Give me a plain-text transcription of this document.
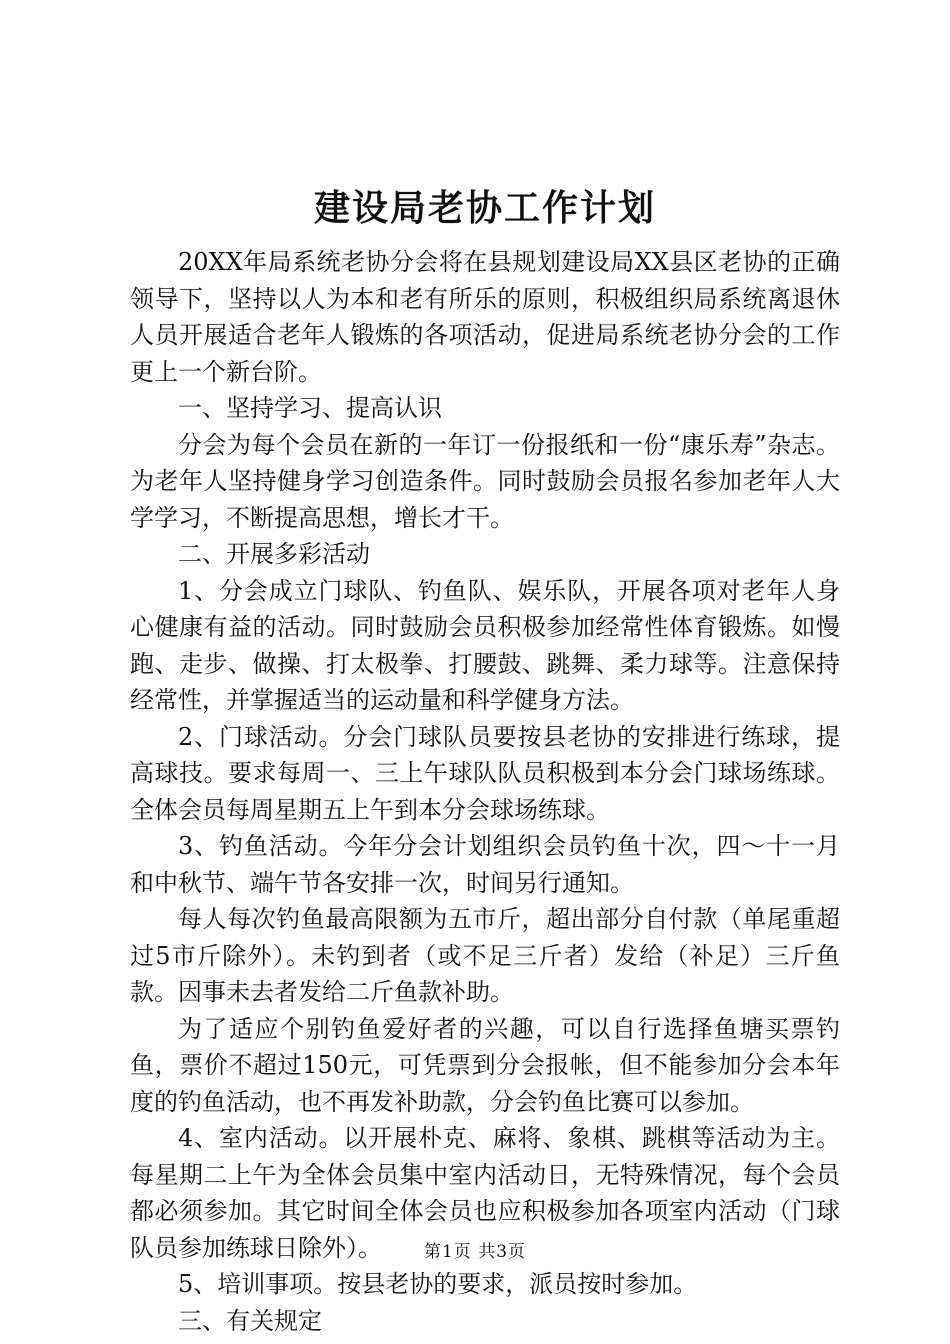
建设局老协工作计划

20XX年局系统老协分会将在县规划建设局XX县区老协的正确领导下，坚持以人为本和老有所乐的原则，积极组织局系统离退休人员开展适合老年人锻炼的各项活动，促进局系统老协分会的工作更上一个新台阶。

一、坚持学习、提高认识

分会为每个会员在新的一年订一份报纸和一份“康乐寿”杂志。为老年人坚持健身学习创造条件。同时鼓励会员报名参加老年人大学学习，不断提高思想，增长才干。

二、开展多彩活动

1、分会成立门球队、钓鱼队、娱乐队，开展各项对老年人身心健康有益的活动。同时鼓励会员积极参加经常性体育锻炼。如慢跑、走步、做操、打太极拳、打腰鼓、跳舞、柔力球等。注意保持经常性，并掌握适当的运动量和科学健身方法。

2、门球活动。分会门球队员要按县老协的安排进行练球，提高球技。要求每周一、三上午球队队员积极到本分会门球场练球。全体会员每周星期五上午到本分会球场练球。

3、钓鱼活动。今年分会计划组织会员钓鱼十次，四～十一月和中秋节、端午节各安排一次，时间另行通知。

每人每次钓鱼最高限额为五市斤，超出部分自付款（单尾重超过5市斤除外）。未钓到者（或不足三斤者）发给（补足）三斤鱼款。因事未去者发给二斤鱼款补助。

为了适应个别钓鱼爱好者的兴趣，可以自行选择鱼塘买票钓鱼，票价不超过150元，可凭票到分会报帐，但不能参加分会本年度的钓鱼活动，也不再发补助款，分会钓鱼比赛可以参加。

4、室内活动。以开展朴克、麻将、象棋、跳棋等活动为主。每星期二上午为全体会员集中室内活动日，无特殊情况，每个会员都必须参加。其它时间全体会员也应积极参加各项室内活动（门球队员参加练球日除外）。

5、培训事项。按县老协的要求，派员按时参加。

三、有关规定

第1页 共3页
